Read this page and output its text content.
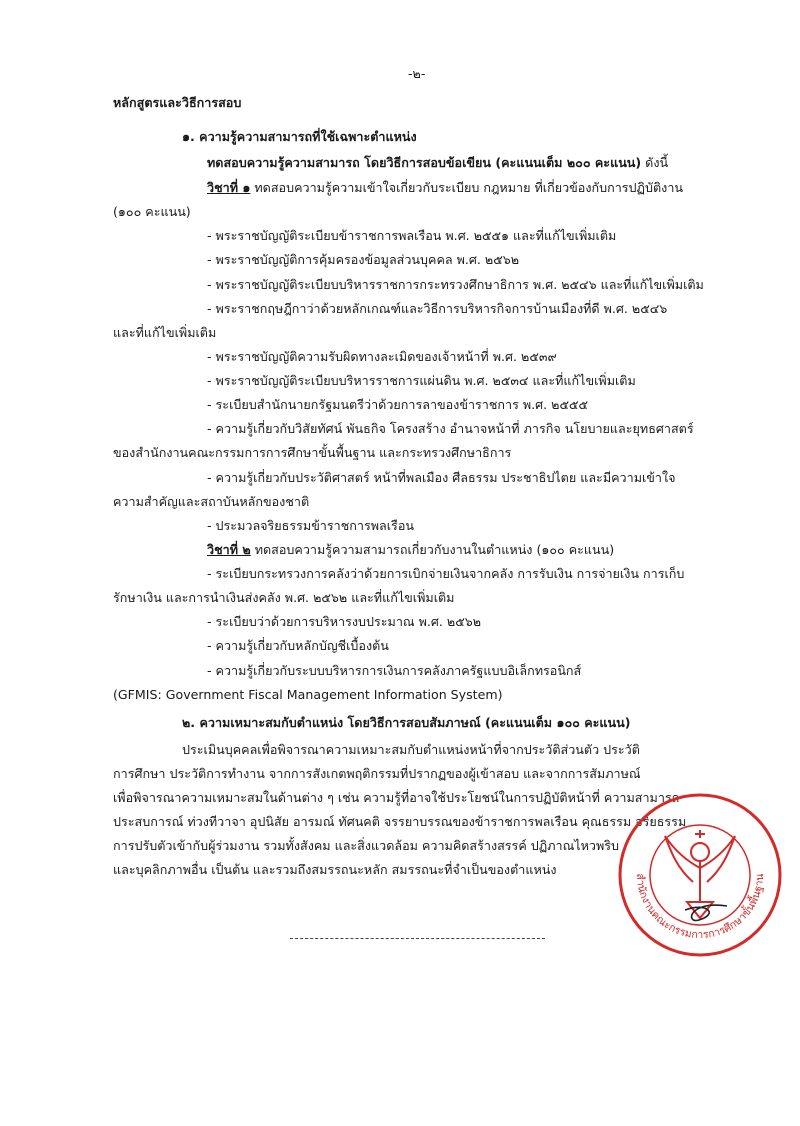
-๒-
หลักสูตรและวิธีการสอบ
๑. ความรู้ความสามารถที่ใช้เฉพาะตำแหน่ง
ทดสอบความรู้ความสามารถ โดยวิธีการสอบข้อเขียน (คะแนนเต็ม ๒๐๐ คะแนน) ดังนี้
วิชาที่ ๑ ทดสอบความรู้ความเข้าใจเกี่ยวกับระเบียบ กฎหมาย ที่เกี่ยวข้องกับการปฏิบัติงาน
(๑๐๐ คะแนน)
- พระราชบัญญัติระเบียบข้าราชการพลเรือน พ.ศ. ๒๕๕๑ และที่แก้ไขเพิ่มเติม
- พระราชบัญญัติการคุ้มครองข้อมูลส่วนบุคคล พ.ศ. ๒๕๖๒
- พระราชบัญญัติระเบียบบริหารราชการกระทรวงศึกษาธิการ พ.ศ. ๒๕๔๖ และที่แก้ไขเพิ่มเติม
- พระราชกฤษฎีกาว่าด้วยหลักเกณฑ์และวิธีการบริหารกิจการบ้านเมืองที่ดี พ.ศ. ๒๕๔๖
และที่แก้ไขเพิ่มเติม
- พระราชบัญญัติความรับผิดทางละเมิดของเจ้าหน้าที่ พ.ศ. ๒๕๓๙
- พระราชบัญญัติระเบียบบริหารราชการแผ่นดิน พ.ศ. ๒๕๓๔ และที่แก้ไขเพิ่มเติม
- ระเบียบสำนักนายกรัฐมนตรีว่าด้วยการลาของข้าราชการ พ.ศ. ๒๕๕๕
- ความรู้เกี่ยวกับวิสัยทัศน์ พันธกิจ โครงสร้าง อำนาจหน้าที่ ภารกิจ นโยบายและยุทธศาสตร์
ของสำนักงานคณะกรรมการการศึกษาขั้นพื้นฐาน และกระทรวงศึกษาธิการ
- ความรู้เกี่ยวกับประวัติศาสตร์ หน้าที่พลเมือง ศีลธรรม ประชาธิปไตย และมีความเข้าใจ
ความสำคัญและสถาบันหลักของชาติ
- ประมวลจริยธรรมข้าราชการพลเรือน
วิชาที่ ๒ ทดสอบความรู้ความสามารถเกี่ยวกับงานในตำแหน่ง (๑๐๐ คะแนน)
- ระเบียบกระทรวงการคลังว่าด้วยการเบิกจ่ายเงินจากคลัง การรับเงิน การจ่ายเงิน การเก็บ
รักษาเงิน และการนำเงินส่งคลัง พ.ศ. ๒๕๖๒ และที่แก้ไขเพิ่มเติม
- ระเบียบว่าด้วยการบริหารงบประมาณ พ.ศ. ๒๕๖๒
- ความรู้เกี่ยวกับหลักบัญชีเบื้องต้น
- ความรู้เกี่ยวกับระบบบริหารการเงินการคลังภาครัฐแบบอิเล็กทรอนิกส์
(GFMIS: Government Fiscal Management Information System)
๒. ความเหมาะสมกับตำแหน่ง โดยวิธีการสอบสัมภาษณ์ (คะแนนเต็ม ๑๐๐ คะแนน)
ประเมินบุคคลเพื่อพิจารณาความเหมาะสมกับตำแหน่งหน้าที่จากประวัติส่วนตัว ประวัติ
การศึกษา ประวัติการทำงาน จากการสังเกตพฤติกรรมที่ปรากฏของผู้เข้าสอบ และจากการสัมภาษณ์
เพื่อพิจารณาความเหมาะสมในด้านต่าง ๆ เช่น ความรู้ที่อาจใช้ประโยชน์ในการปฏิบัติหน้าที่ ความสามารถ
ประสบการณ์ ท่วงทีวาจา อุปนิสัย อารมณ์ ทัศนคติ จรรยาบรรณของข้าราชการพลเรือน คุณธรรม จริยธรรม
การปรับตัวเข้ากับผู้ร่วมงาน รวมทั้งสังคม และสิ่งแวดล้อม ความคิดสร้างสรรค์ ปฏิภาณไหวพริบ
และบุคลิกภาพอื่น เป็นต้น และรวมถึงสมรรถนะหลัก สมรรถนะที่จำเป็นของตำแหน่ง
สำนักงานคณะกรรมการการศึกษาขั้นพื้นฐาน
